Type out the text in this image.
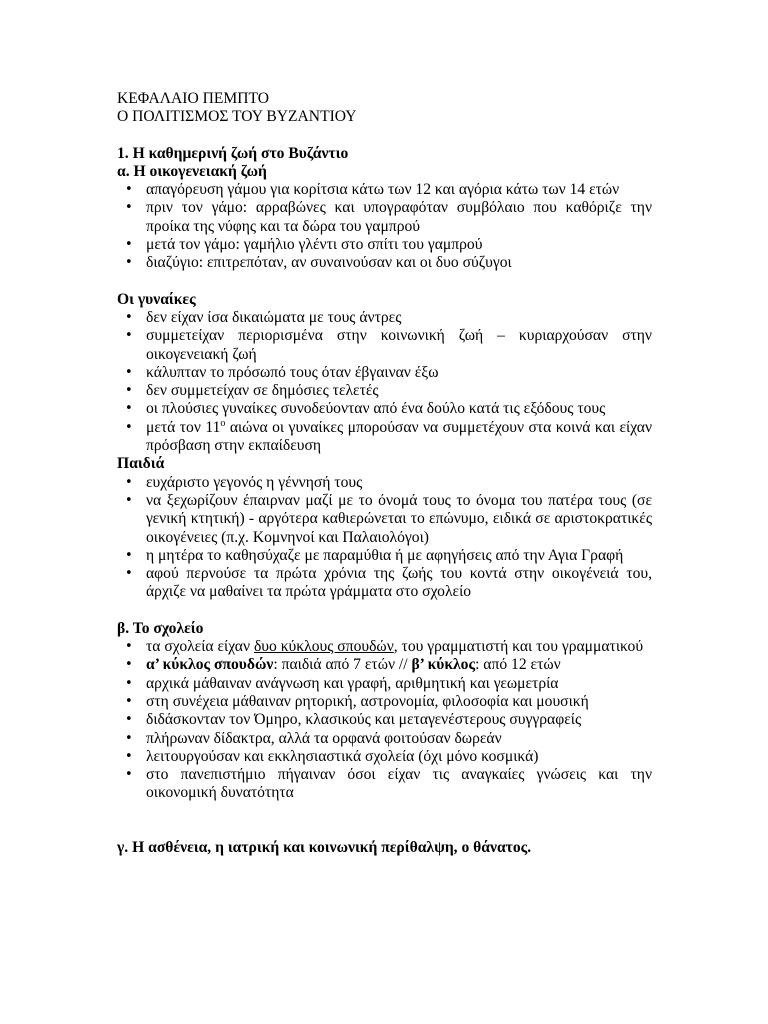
ΚΕΦΑΛΑΙΟ ΠΕΜΠΤΟ

Ο ΠΟΛΙΤΙΣΜΟΣ ΤΟΥ ΒΥΖΑΝΤΙΟΥ

1. Η καθημερινή ζωή στο Βυζάντιο

α. Η οικογενειακή ζωή

• απαγόρευση γάμου για κορίτσια κάτω των 12 και αγόρια κάτω των 14 ετών
• πριν τον γάμο: αρραβώνες και υπογραφόταν συμβόλαιο που καθόριζε την προίκα της νύφης και τα δώρα του γαμπρού
• μετά τον γάμο: γαμήλιο γλέντι στο σπίτι του γαμπρού
• διαζύγιο: επιτρεπόταν, αν συναινούσαν και οι δυο σύζυγοι

Οι γυναίκες

• δεν είχαν ίσα δικαιώματα με τους άντρες
• συμμετείχαν περιορισμένα στην κοινωνική ζωή – κυριαρχούσαν στην οικογενειακή ζωή
• κάλυπταν το πρόσωπό τους όταν έβγαιναν έξω
• δεν συμμετείχαν σε δημόσιες τελετές
• οι πλούσιες γυναίκες συνοδεύονταν από ένα δούλο κατά τις εξόδους τους
• μετά τον $11^o$ αιώνα οι γυναίκες μπορούσαν να συμμετέχουν στα κοινά και είχαν πρόσβαση στην εκπαίδευση

Παιδιά

• ευχάριστο γεγονός η γέννησή τους
• να ξεχωρίζουν έπαιρναν μαζί με το όνομά τους το όνομα του πατέρα τους (σε γενική κτητική) - αργότερα καθιερώνεται το επώνυμο, ειδικά σε αριστοκρατικές οικογένειες (π.χ. Κομνηνοί και Παλαιολόγοι)
• η μητέρα το καθησύχαζε με παραμύθια ή με αφηγήσεις από την Αγια Γραφή
• αφού περνούσε τα πρώτα χρόνια της ζωής του κοντά στην οικογένειά του, άρχιζε να μαθαίνει τα πρώτα γράμματα στο σχολείο

β. Το σχολείο

• τα σχολεία είχαν δυο κύκλους σπουδών, του γραμματιστή και του γραμματικού
• α’ κύκλος σπουδών: παιδιά από 7 ετών // β’ κύκλος: από 12 ετών
• αρχικά μάθαιναν ανάγνωση και γραφή, αριθμητική και γεωμετρία
• στη συνέχεια μάθαιναν ρητορική, αστρονομία, φιλοσοφία και μουσική
• διδάσκονταν τον Όμηρο, κλασικούς και μεταγενέστερους συγγραφείς
• πλήρωναν δίδακτρα, αλλά τα ορφανά φοιτούσαν δωρεάν
• λειτουργούσαν και εκκλησιαστικά σχολεία (όχι μόνο κοσμικά)
• στο πανεπιστήμιο πήγαιναν όσοι είχαν τις αναγκαίες γνώσεις και την οικονομική δυνατότητα

γ. Η ασθένεια, η ιατρική και κοινωνική περίθαλψη, ο θάνατος.
